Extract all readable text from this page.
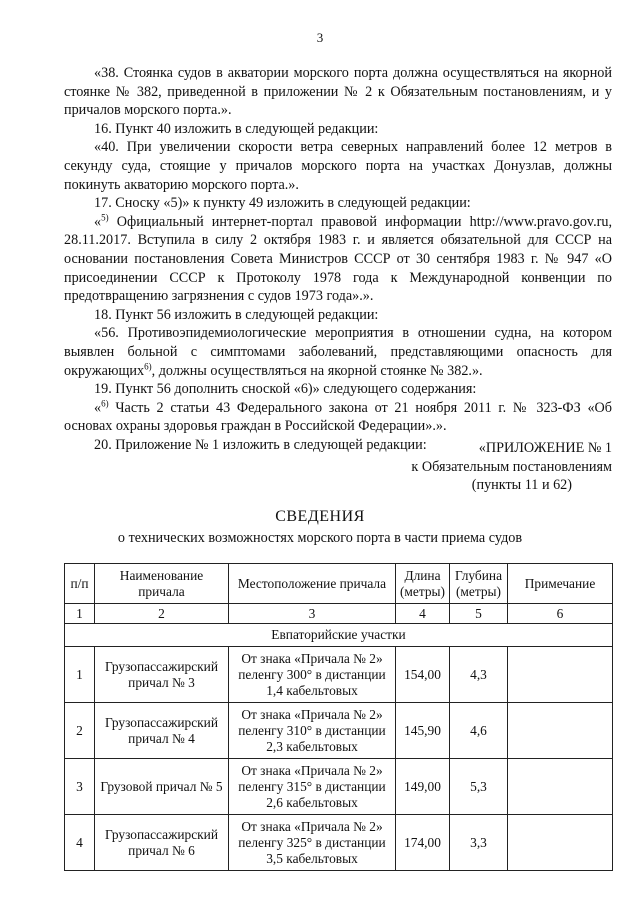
3

«38. Стоянка судов в акватории морского порта должна осуществляться на якорной стоянке № 382, приведенной в приложении № 2 к Обязательным постановлениям, и у причалов морского порта.».

16. Пункт 40 изложить в следующей редакции:

«40. При увеличении скорости ветра северных направлений более 12 метров в секунду суда, стоящие у причалов морского порта на участках Донузлав, должны покинуть акваторию морского порта.».

17. Сноску «5)» к пункту 49 изложить в следующей редакции:

«$^{5)}$ Официальный интернет-портал правовой информации http://www.pravo.gov.ru, 28.11.2017. Вступила в силу 2 октября 1983 г. и является обязательной для СССР на основании постановления Совета Министров СССР от 30 сентября 1983 г. № 947 «О присоединении СССР к Протоколу 1978 года к Международной конвенции по предотвращению загрязнения с судов 1973 года».».

18. Пункт 56 изложить в следующей редакции:

«56. Противоэпидемиологические мероприятия в отношении судна, на котором выявлен больной с симптомами заболеваний, представляющими опасность для окружающих$^{6)}$, должны осуществляться на якорной стоянке № 382.».

19. Пункт 56 дополнить сноской «6)» следующего содержания:

«$^{6)}$ Часть 2 статьи 43 Федерального закона от 21 ноября 2011 г. № 323-ФЗ «Об основах охраны здоровья граждан в Российской Федерации».».

20. Приложение № 1 изложить в следующей редакции:	«ПРИЛОЖЕНИЕ № 1
к Обязательным постановлениям
(пункты 11 и 62)
СВЕДЕНИЯ
о технических возможностях морского порта в части приема судов
п/п	Наименование причала	Местоположение причала	Длина (метры)	Глубина (метры)	Примечание
1	2	3	4	5	6
Евпаторийские участки					
1	Грузопассажирский причал № 3	От знака «Причала № 2» пеленгу 300° в дистанции 1,4 кабельтовых	154,00	4,3	
2	Грузопассажирский причал № 4	От знака «Причала № 2» пеленгу 310° в дистанции 2,3 кабельтовых	145,90	4,6	
3	Грузовой причал № 5	От знака «Причала № 2» пеленгу 315° в дистанции 2,6 кабельтовых	149,00	5,3	
4	Грузопассажирский причал № 6	От знака «Причала № 2» пеленгу 325° в дистанции 3,5 кабельтовых	174,00	3,3	
